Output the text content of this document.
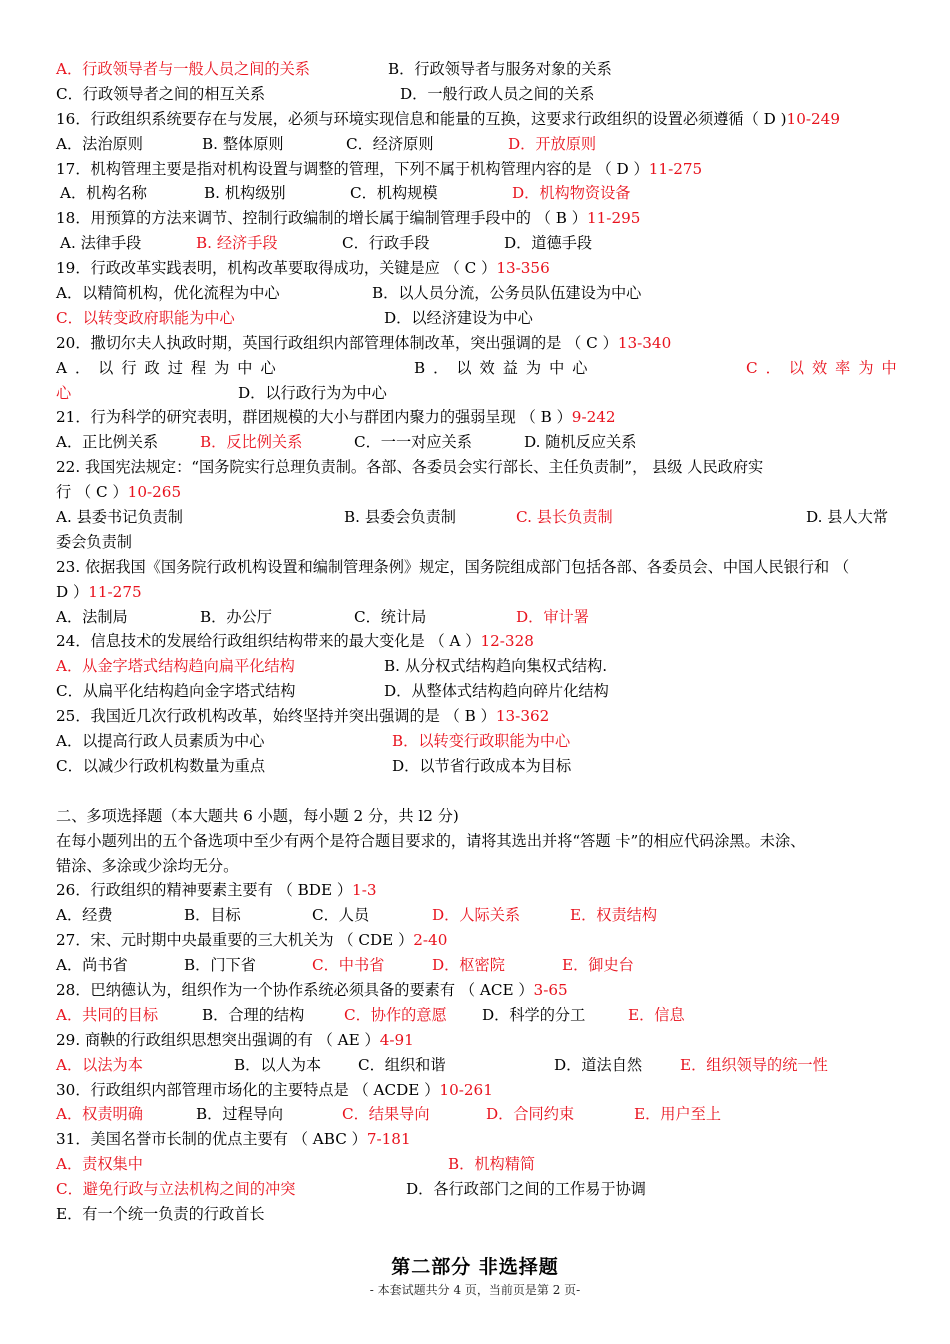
A．行政领导者与一般人员之间的关系	B．行政领导者与服务对象的关系
C．行政领导者之间的相互关系	D．一般行政人员之间的关系
16．行政组织系统要存在与发展，必须与环境实现信息和能量的互换，这要求行政组织的设置必须遵循（ D )10-249
A．法治原则	B. 整体原则	C．经济原则	D．开放原则
17．机构管理主要是指对机构设置与调整的管理，下列不属于机构管理内容的是 （ D ）11-275
A．机构名称	B. 机构级别	C．机构规模	D．机构物资设备
18．用预算的方法来调节、控制行政编制的增长属于编制管理手段中的 （ B ）11-295
A. 法律手段	B. 经济手段	C．行政手段	D．道德手段
19．行政改革实践表明，机构改革要取得成功，关键是应 （ C ）13-356
A．以精简机构，优化流程为中心	B．以人员分流，公务员队伍建设为中心
C．以转变政府职能为中心	D．以经济建设为中心
20．撒切尔夫人执政时期，英国行政组织内部管理体制改革，突出强调的是 （ C ）13-340
A．以行政过程为中心	B．以效益为中心	C．以效率为中
心	D．以行政行为为中心
21．行为科学的研究表明，群团规模的大小与群团内聚力的强弱呈现 （ B ）9-242
A．正比例关系	B．反比例关系	C．一一对应关系	D. 随机反应关系
22. 我国宪法规定：“国务院实行总理负责制。各部、各委员会实行部长、主任负责制”， 县级 人民政府实
行 （ C ）10-265
A. 县委书记负责制	B. 县委会负责制	C. 县长负责制	D. 县人大常
委会负责制
23. 依据我国《国务院行政机构设置和编制管理条例》规定，国务院组成部门包括各部、各委员会、中国人民银行和 （
D ）11-275
A．法制局	B．办公厅	C．统计局	D．审计署
24．信息技术的发展给行政组织结构带来的最大变化是 （ A ）12-328
A．从金字塔式结构趋向扁平化结构	B. 从分权式结构趋向集权式结构.
C．从扁平化结构趋向金字塔式结构	D．从整体式结构趋向碎片化结构
25．我国近几次行政机构改革，始终坚持并突出强调的是 （ B ）13-362
A．以提高行政人员素质为中心	B．以转变行政职能为中心
C．以减少行政机构数量为重点	D．以节省行政成本为目标
二、多项选择题（本大题共 6 小题，每小题 2 分，共 l2 分)
在每小题列出的五个备选项中至少有两个是符合题目要求的，请将其选出并将“答题 卡”的相应代码涂黑。未涂、
错涂、多涂或少涂均无分。
26．行政组织的精神要素主要有 （ BDE ）1-3
A．经费	B．目标	C．人员	D．人际关系	E．权责结构
27．宋、元时期中央最重要的三大机关为 （ CDE ）2-40
A．尚书省	B．门下省	C．中书省	D．枢密院	E．御史台
28．巴纳德认为，组织作为一个协作系统必须具备的要素有 （ ACE ）3-65
A．共同的目标	B．合理的结构	C．协作的意愿 D．科学的分工	E．信息
29. 商鞅的行政组织思想突出强调的有 （ AE ）4-91
A．以法为本	B．以人为本 C．组织和谐	D．道法自然 E．组织领导的统一性
30．行政组织内部管理市场化的主要特点是 （ ACDE ）10-261
A．权责明确	B．过程导向	C．结果导向	D．合同约束	E．用户至上
31．美国名誉市长制的优点主要有 （ ABC ）7-181
A．责权集中	B．机构精简
C．避免行政与立法机构之间的冲突	D．各行政部门之间的工作易于协调
E．有一个统一负责的行政首长
第二部分 非选择题
- 本套试题共分 4 页，当前页是第 2 页-
